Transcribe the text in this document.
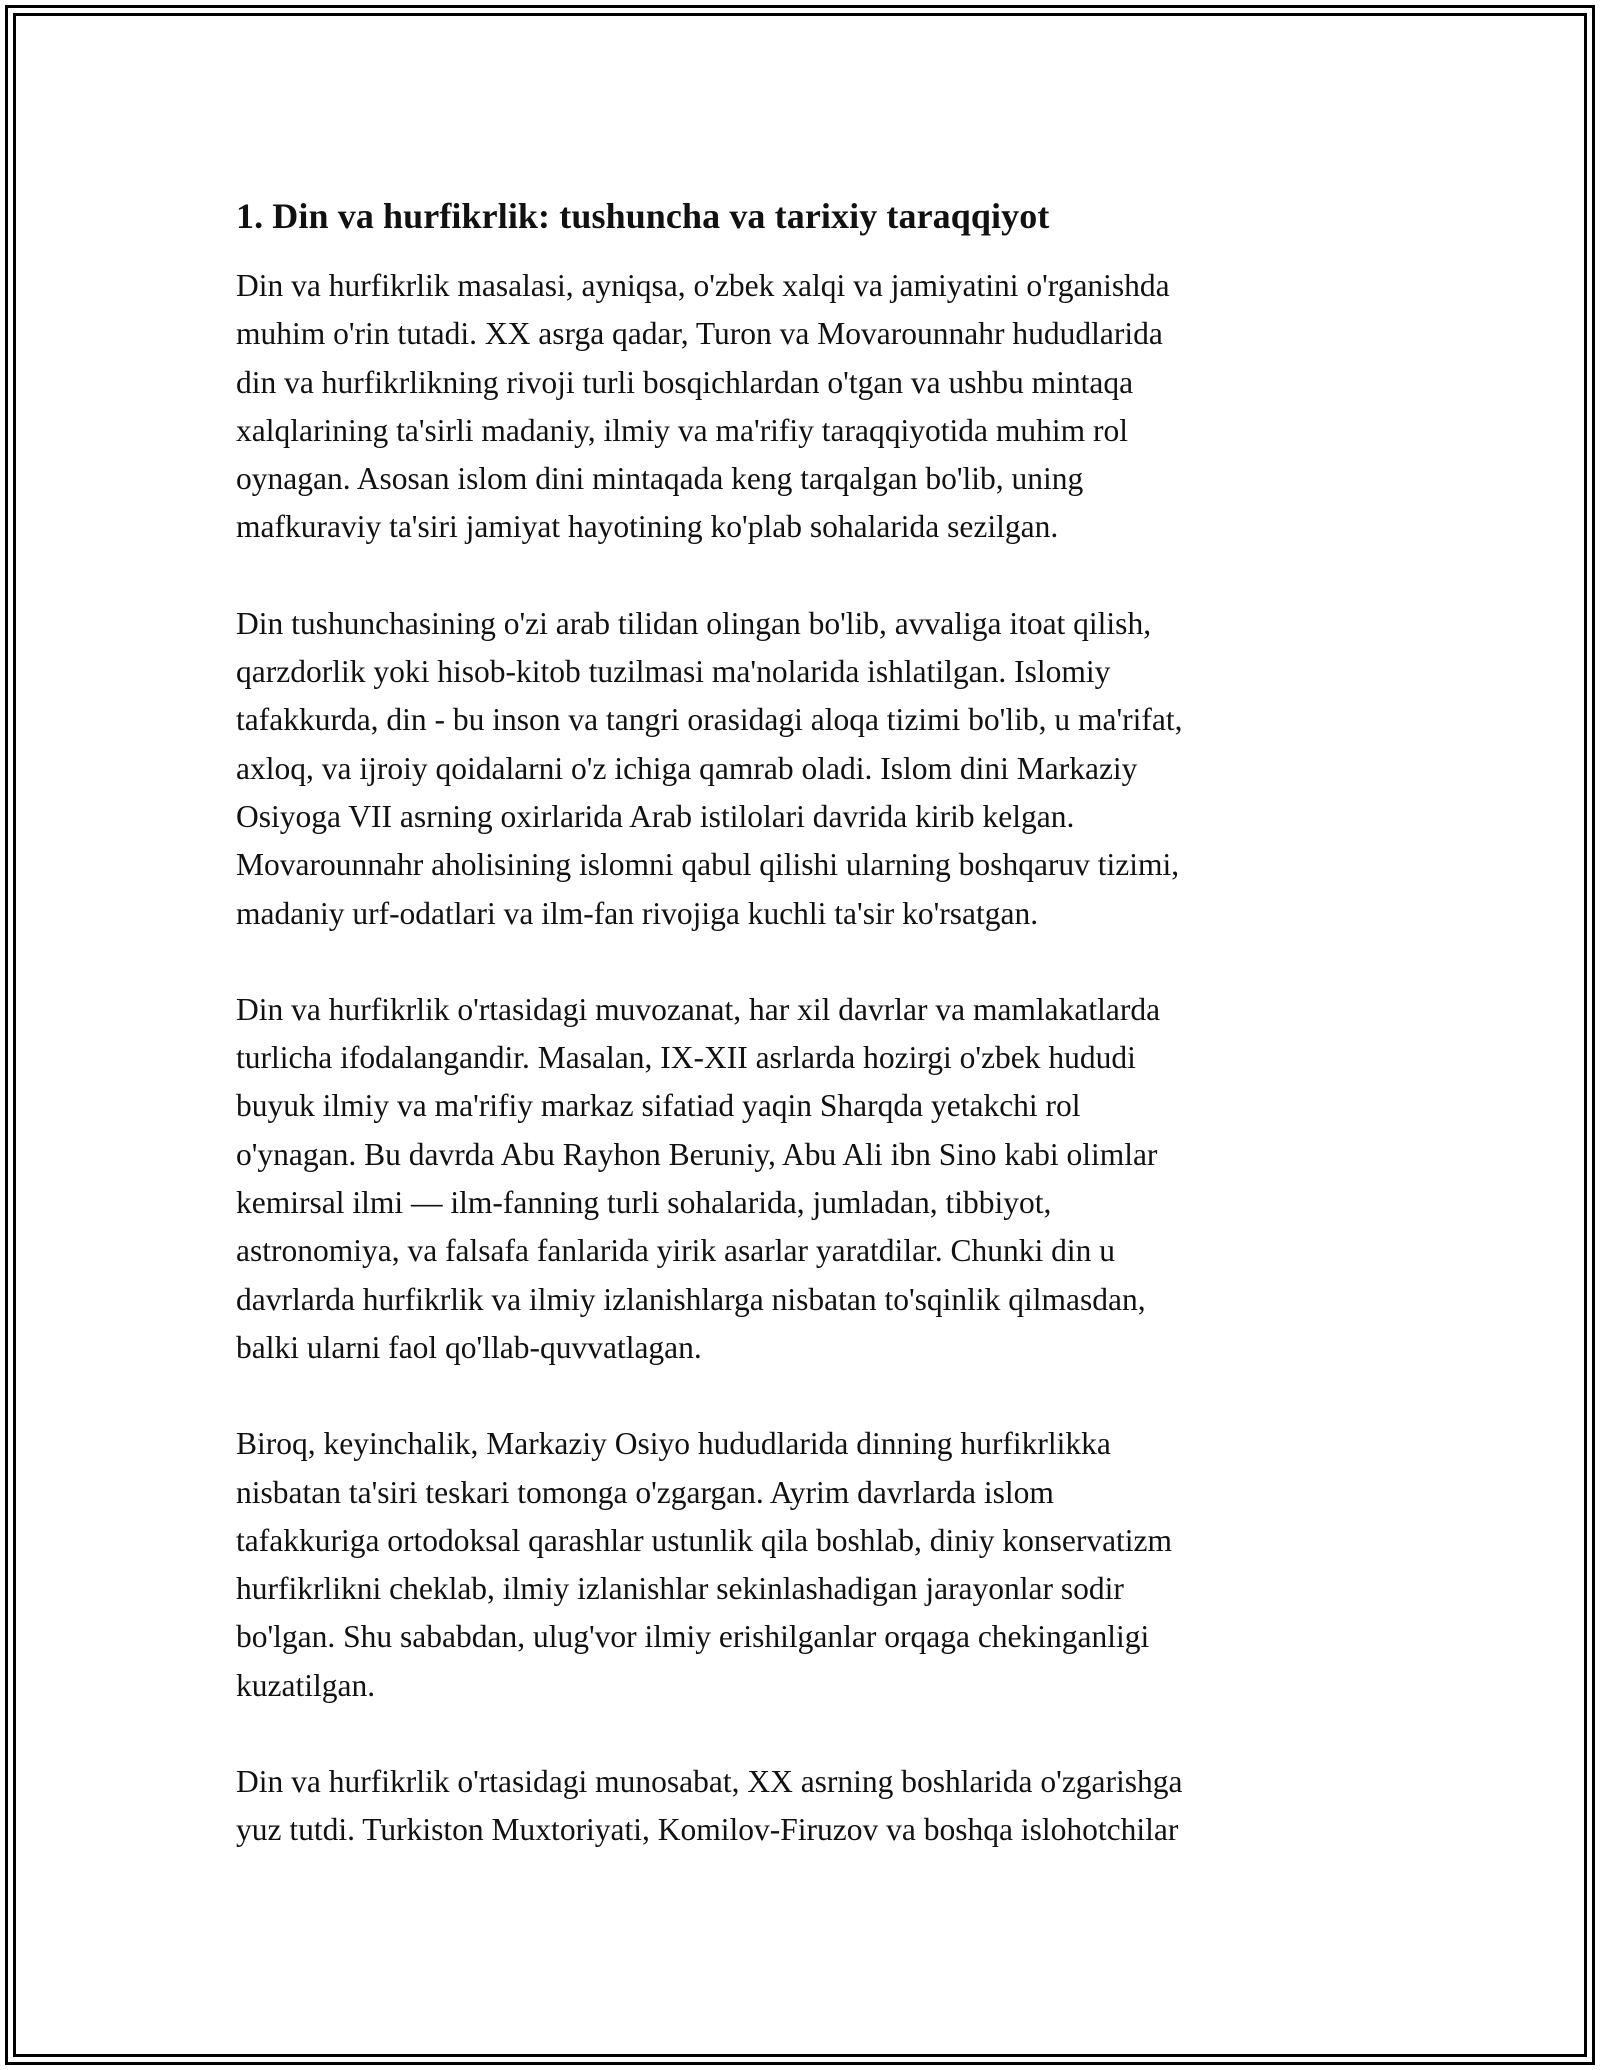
1. Din va hurfikrlik: tushuncha va tarixiy taraqqiyot

Din va hurfikrlik masalasi, ayniqsa, o'zbek xalqi va jamiyatini o'rganishda
muhim o'rin tutadi. XX asrga qadar, Turon va Movarounnahr hududlarida
din va hurfikrlikning rivoji turli bosqichlardan o'tgan va ushbu mintaqa
xalqlarining ta'sirli madaniy, ilmiy va ma'rifiy taraqqiyotida muhim rol
oynagan. Asosan islom dini mintaqada keng tarqalgan bo'lib, uning
mafkuraviy ta'siri jamiyat hayotining ko'plab sohalarida sezilgan.

Din tushunchasining o'zi arab tilidan olingan bo'lib, avvaliga itoat qilish,
qarzdorlik yoki hisob-kitob tuzilmasi ma'nolarida ishlatilgan. Islomiy
tafakkurda, din - bu inson va tangri orasidagi aloqa tizimi bo'lib, u ma'rifat,
axloq, va ijroiy qoidalarni o'z ichiga qamrab oladi. Islom dini Markaziy
Osiyoga VII asrning oxirlarida Arab istilolari davrida kirib kelgan.
Movarounnahr aholisining islomni qabul qilishi ularning boshqaruv tizimi,
madaniy urf-odatlari va ilm-fan rivojiga kuchli ta'sir ko'rsatgan.

Din va hurfikrlik o'rtasidagi muvozanat, har xil davrlar va mamlakatlarda
turlicha ifodalangandir. Masalan, IX-XII asrlarda hozirgi o'zbek hududi
buyuk ilmiy va ma'rifiy markaz sifatiad yaqin Sharqda yetakchi rol
o'ynagan. Bu davrda Abu Rayhon Beruniy, Abu Ali ibn Sino kabi olimlar
kemirsal ilmi — ilm-fanning turli sohalarida, jumladan, tibbiyot,
astronomiya, va falsafa fanlarida yirik asarlar yaratdilar. Chunki din u
davrlarda hurfikrlik va ilmiy izlanishlarga nisbatan to'sqinlik qilmasdan,
balki ularni faol qo'llab-quvvatlagan.

Biroq, keyinchalik, Markaziy Osiyo hududlarida dinning hurfikrlikka
nisbatan ta'siri teskari tomonga o'zgargan. Ayrim davrlarda islom
tafakkuriga ortodoksal qarashlar ustunlik qila boshlab, diniy konservatizm
hurfikrlikni cheklab, ilmiy izlanishlar sekinlashadigan jarayonlar sodir
bo'lgan. Shu sababdan, ulug'vor ilmiy erishilganlar orqaga chekinganligi
kuzatilgan.

Din va hurfikrlik o'rtasidagi munosabat, XX asrning boshlarida o'zgarishga
yuz tutdi. Turkiston Muxtoriyati, Komilov-Firuzov va boshqa islohotchilar
